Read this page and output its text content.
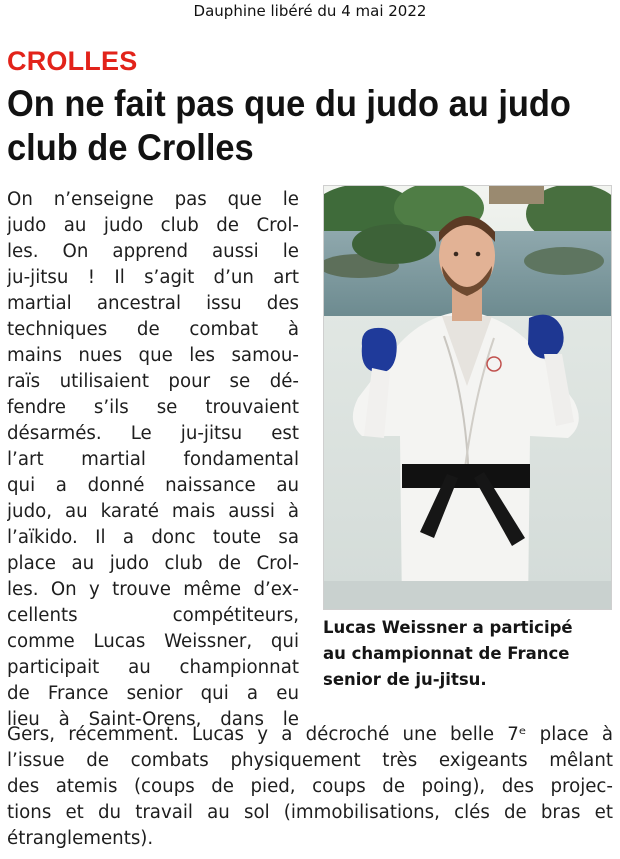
Dauphine libéré du 4 mai 2022
CROLLES
On ne fait pas que du judo au judo
club de Crolles
On n’enseigne pas que le
judo au judo club de Crol-
les. On apprend aussi le
ju-jitsu ! Il s’agit d’un art
martial ancestral issu des
techniques de combat à
mains nues que les samou-
raïs utilisaient pour se dé-
fendre s’ils se trouvaient
désarmés. Le ju-jitsu est
l’art martial fondamental
qui a donné naissance au
judo, au karaté mais aussi à
l’aïkido. Il a donc toute sa
place au judo club de Crol-
les. On y trouve même d’ex-
cellents compétiteurs,
comme Lucas Weissner, qui
participait au championnat
de France senior qui a eu
lieu à Saint-Orens, dans le
Lucas Weissner a participé
au championnat de France
senior de ju-jitsu.
Gers, récemment. Lucas y a décroché une belle 7ᵉ place à
l’issue de combats physiquement très exigeants mêlant
des atemis (coups de pied, coups de poing), des projec-
tions et du travail au sol (immobilisations, clés de bras et
étranglements).
